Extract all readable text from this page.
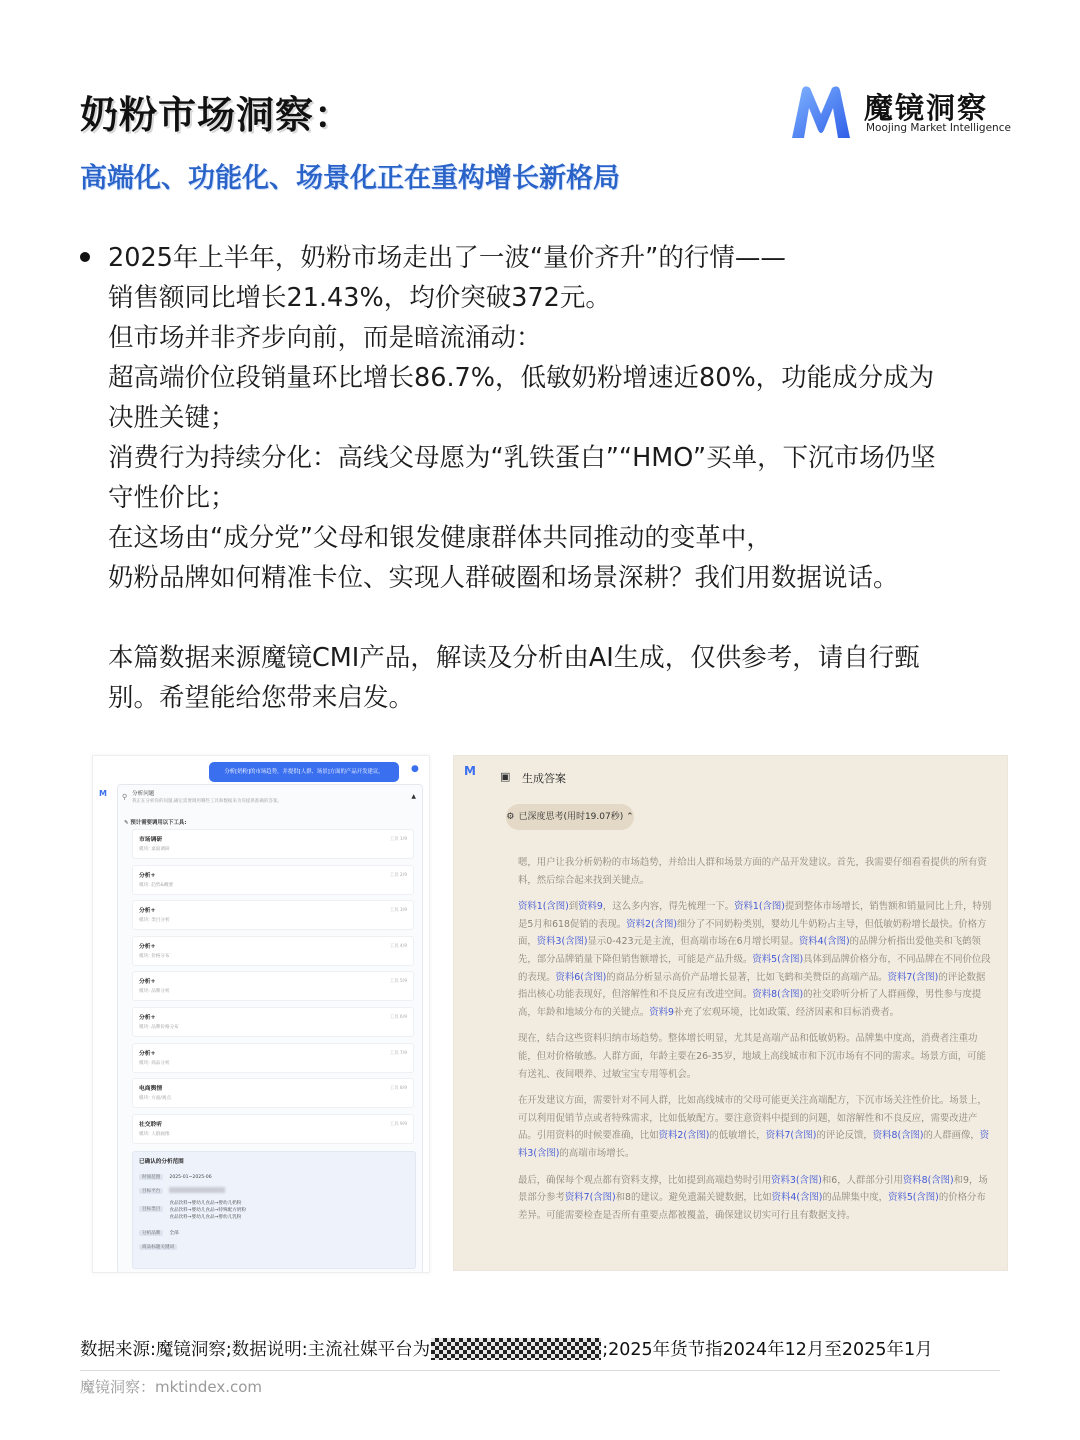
奶粉市场洞察：
高端化、功能化、场景化正在重构增长新格局
魔镜洞察
Moojing Market Intelligence
2025年上半年，奶粉市场走出了一波“量价齐升”的行情——
销售额同比增长21.43%，均价突破372元。
但市场并非齐步向前，而是暗流涌动：
超高端价位段销量环比增长86.7%，低敏奶粉增速近80%，功能成分成为
决胜关键；
消费行为持续分化：高线父母愿为“乳铁蛋白”“HMO”买单，下沉市场仍坚
守性价比；
在这场由“成分党”父母和银发健康群体共同推动的变革中，
奶粉品牌如何精准卡位、实现人群破圈和场景深耕？我们用数据说话。
本篇数据来源魔镜CMI产品，解读及分析由AI生成，仅供参考，请自行甄
别。希望能给您带来启发。
分析[奶粉]的市场趋势，并提供[人群、场景]方面的产品开发建议。	●
M ⚲ 分析问题
我正在分析你的问题,确定需要调用哪些工具和数据来为你提供准确的答案。
▲
✎ 预计需要调用以下工具:
市场调研
模块: 桌面调研
工具 1/9
分析+
模块: 趋势&概要
工具 2/9
分析+
模块: 类目分析
工具 3/9
分析+
模块: 价格分布
工具 4/9
分析+
模块: 品牌分析
工具 5/9
分析+
模块: 品牌价格分布
工具 6/9
分析+
模块: 商品分析
工具 7/9
电商舆情
模块: 方面/观点
工具 8/9
社交聆听
模块: 人群画像
工具 9/9
已确认的分析范围
时间范围 2025-01~2025-06
目标平台
目标类目食品饮料→婴幼儿食品→婴幼儿奶粉
食品饮料→婴幼儿食品→特殊配方奶粉
食品饮料→婴幼儿食品→婴幼儿乳粉
分析品牌 全部
商品标题关键词
M ▣ 生成答案
⚙ 已深度思考(用时19.07秒) ⌃

嗯，用户让我分析奶粉的市场趋势，并给出人群和场景方面的产品开发建议。首先，我需要仔细看看提供的所有资料，然后综合起来找到关键点。

资料1(含图)到资料9，这么多内容，得先梳理一下。资料1(含图)提到整体市场增长，销售额和销量同比上升，特别是5月和618促销的表现。资料2(含图)细分了不同奶粉类别，婴幼儿牛奶粉占主导，但低敏奶粉增长最快。价格方面，资料3(含图)显示0-423元是主流，但高端市场在6月增长明显。资料4(含图)的品牌分析指出爱他美和飞鹤领先，部分品牌销量下降但销售额增长，可能是产品升级。资料5(含图)具体到品牌价格分布，不同品牌在不同价位段的表现。资料6(含图)的商品分析显示高价产品增长显著，比如飞鹤和美赞臣的高端产品。资料7(含图)的评论数据指出核心功能表现好，但溶解性和不良反应有改进空间。资料8(含图)的社交聆听分析了人群画像，男性参与度提高，年龄和地域分布的关键点。资料9补充了宏观环境，比如政策、经济因素和目标消费者。

现在，结合这些资料归纳市场趋势。整体增长明显，尤其是高端产品和低敏奶粉。品牌集中度高，消费者注重功能，但对价格敏感。人群方面，年龄主要在26-35岁，地域上高线城市和下沉市场有不同的需求。场景方面，可能有送礼、夜间喂养、过敏宝宝专用等机会。

在开发建议方面，需要针对不同人群，比如高线城市的父母可能更关注高端配方，下沉市场关注性价比。场景上，可以利用促销节点或者特殊需求，比如低敏配方。要注意资料中提到的问题，如溶解性和不良反应，需要改进产品。引用资料的时候要准确，比如资料2(含图)的低敏增长，资料7(含图)的评论反馈，资料8(含图)的人群画像，资料3(含图)的高端市场增长。

最后，确保每个观点都有资料支撑，比如提到高端趋势时引用资料3(含图)和6，人群部分引用资料8(含图)和9，场景部分参考资料7(含图)和8的建议。避免遗漏关键数据，比如资料4(含图)的品牌集中度，资料5(含图)的价格分布差异。可能需要检查是否所有重要点都被覆盖，确保建议切实可行且有数据支持。

数据来源:魔镜洞察;数据说明:主流社媒平台为	;2025年货节指2024年12月至2025年1月
魔镜洞察：mktindex.com
